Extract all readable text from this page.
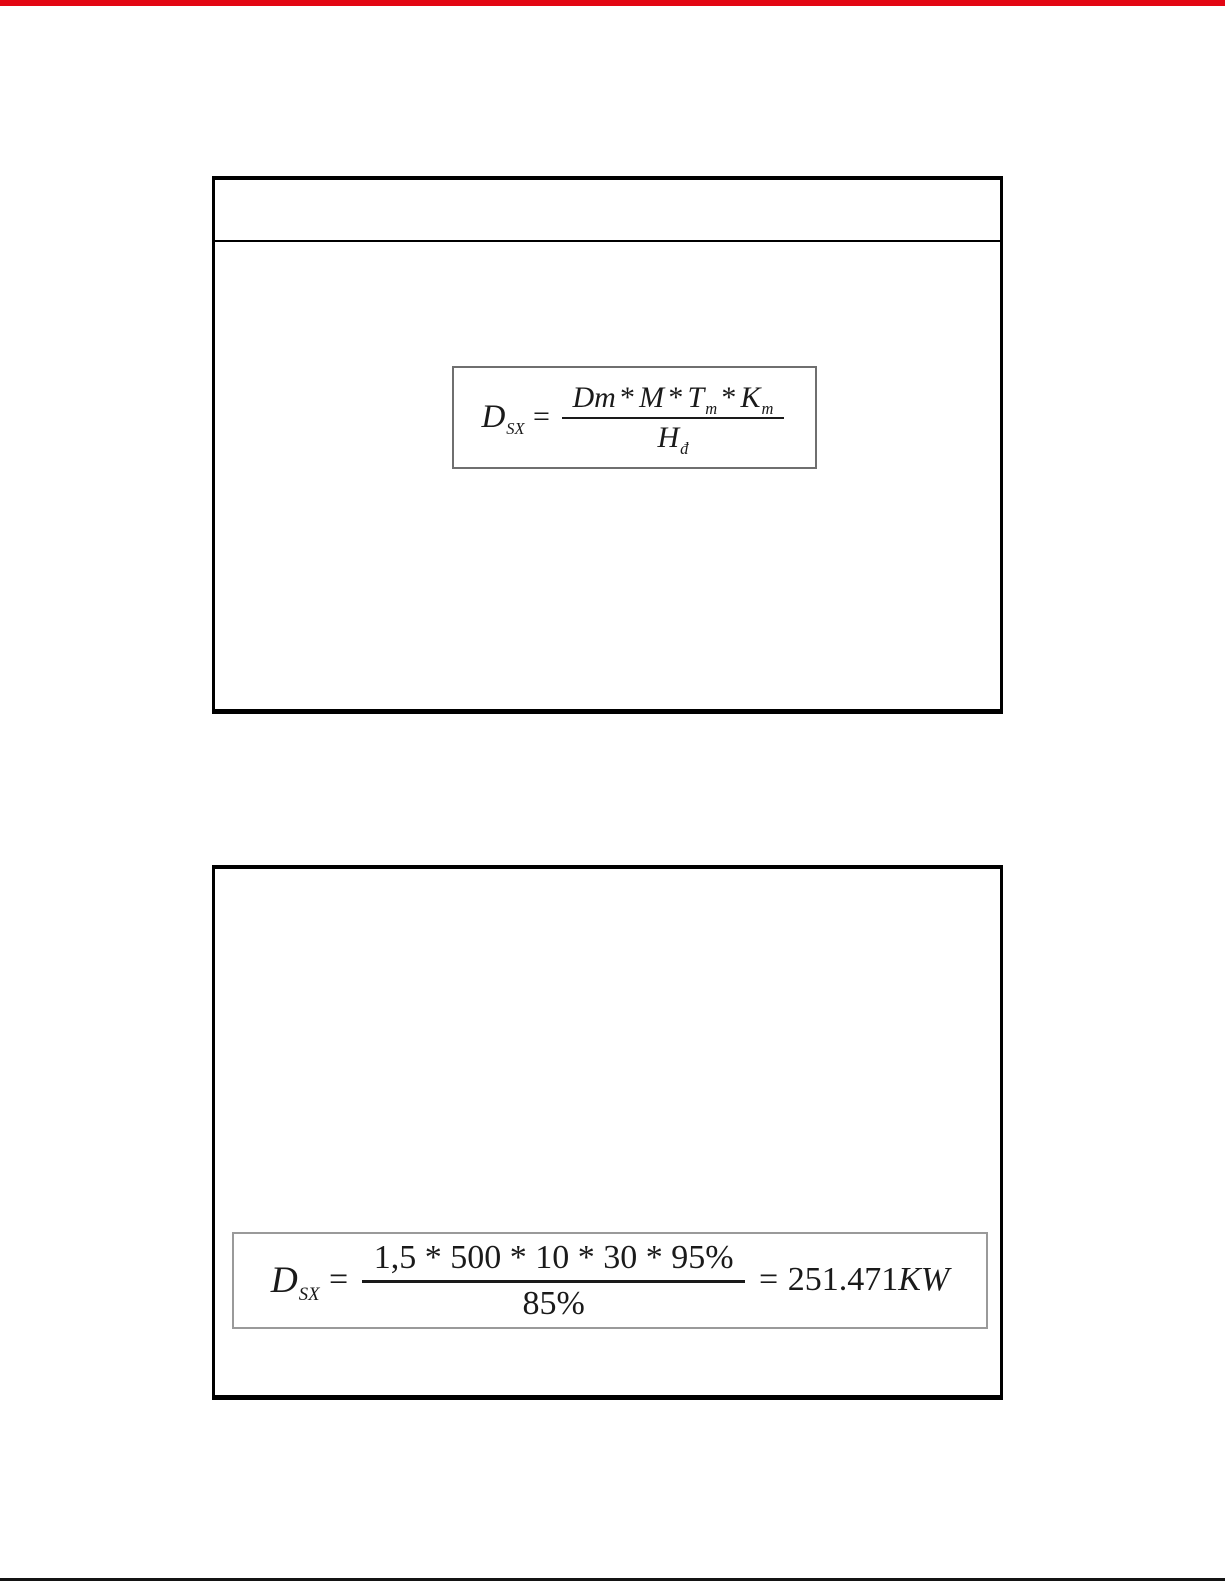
D SX = $\frac{\text{Dm * M * T m * K m}}{H_đ}$
D SX = $\frac{1,5 * 500 * 10 * 30 * 95\%}{85\%} = 251.471$ KW
